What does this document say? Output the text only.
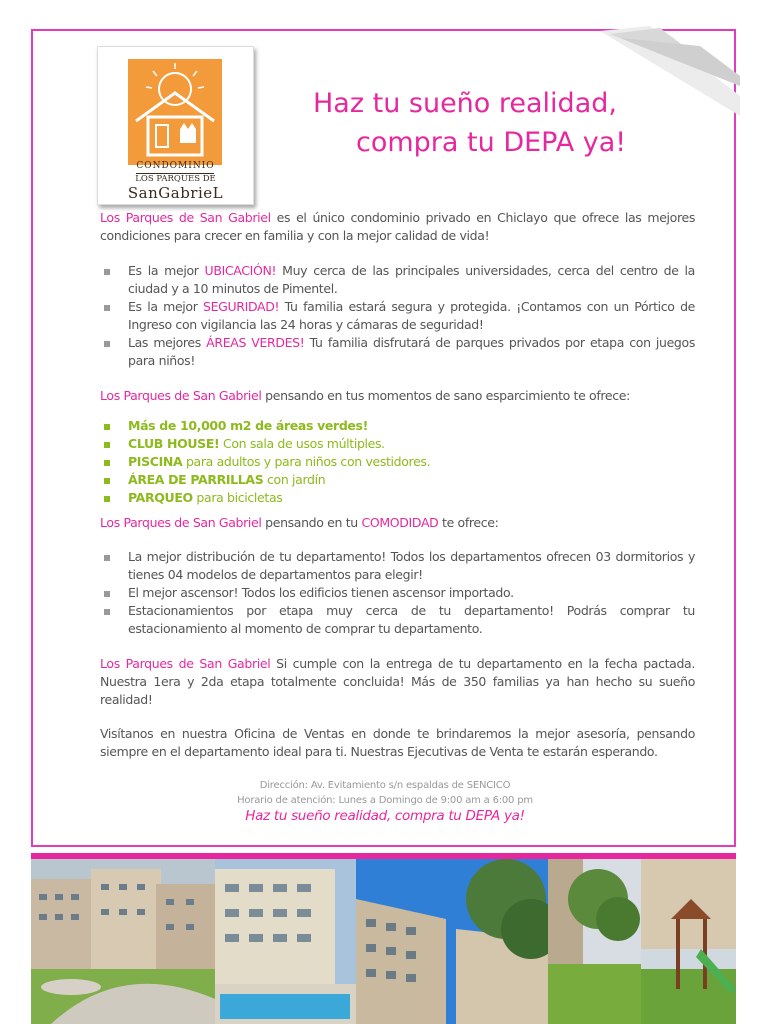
CONDOMINIO
LOS PARQUES DE
SanGabrieL
Haz tu sueño realidad,
compra tu DEPA ya!
Los Parques de San Gabriel es el único condominio privado en Chiclayo que ofrece las mejores condiciones para crecer en familia y con la mejor calidad de vida!
Es la mejor UBICACIÓN! Muy cerca de las principales universidades, cerca del centro de la ciudad y a 10 minutos de Pimentel.
Es la mejor SEGURIDAD! Tu familia estará segura y protegida. ¡Contamos con un Pórtico de Ingreso con vigilancia las 24 horas y cámaras de seguridad!
Las mejores ÁREAS VERDES! Tu familia disfrutará de parques privados por etapa con juegos para niños!
Los Parques de San Gabriel pensando en tus momentos de sano esparcimiento te ofrece:
Más de 10,000 m2 de áreas verdes!
CLUB HOUSE! Con sala de usos múltiples.
PISCINA para adultos y para niños con vestidores.
ÁREA DE PARRILLAS con jardín
PARQUEO para bicicletas
Los Parques de San Gabriel pensando en tu COMODIDAD te ofrece:
La mejor distribución de tu departamento! Todos los departamentos ofrecen 03 dormitorios y tienes 04 modelos de departamentos para elegir!
El mejor ascensor! Todos los edificios tienen ascensor importado.
Estacionamientos por etapa muy cerca de tu departamento! Podrás comprar tu estacionamiento al momento de comprar tu departamento.
Los Parques de San Gabriel Si cumple con la entrega de tu departamento en la fecha pactada. Nuestra 1era y 2da etapa totalmente concluida! Más de 350 familias ya han hecho su sueño realidad!
Visítanos en nuestra Oficina de Ventas en donde te brindaremos la mejor asesoría, pensando siempre en el departamento ideal para ti. Nuestras Ejecutivas de Venta te estarán esperando.
Dirección: Av. Evitamiento s/n espaldas de SENCICO
Horario de atención: Lunes a Domingo de 9:00 am a 6:00 pm
Haz tu sueño realidad, compra tu DEPA ya!
